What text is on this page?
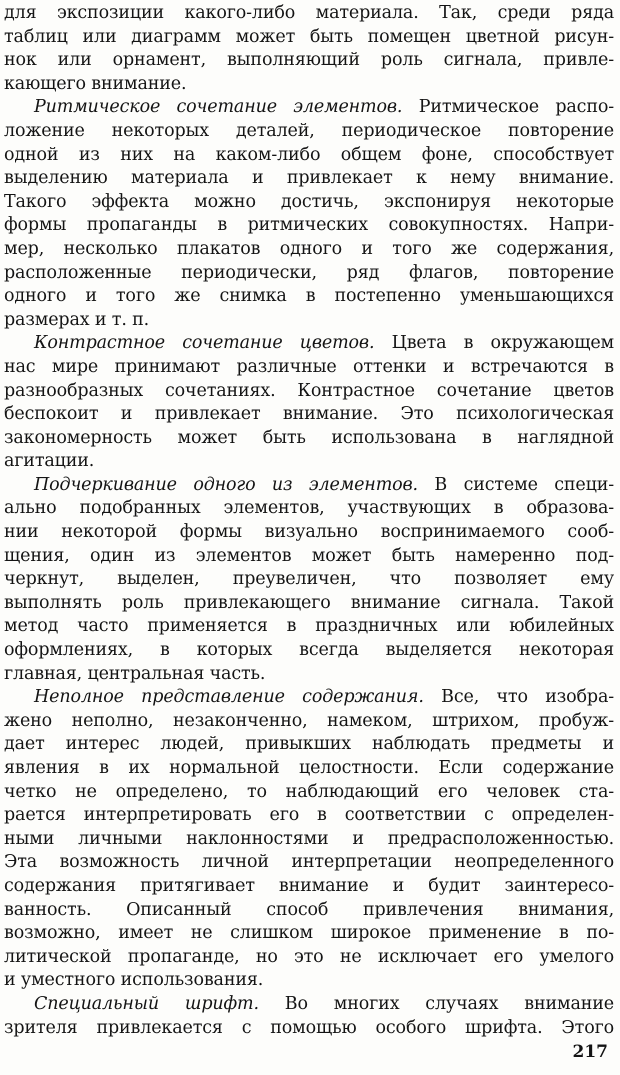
для экспозиции какого-либо материала. Так, среди ряда
таблиц или диаграмм может быть помещен цветной рисун-
нок или орнамент, выполняющий роль сигнала, привле-
кающего внимание.
Ритмическое сочетание элементов. Ритмическое распо-
ложение некоторых деталей, периодическое повторение
одной из них на каком-либо общем фоне, способствует
выделению материала и привлекает к нему внимание.
Такого эффекта можно достичь, экспонируя некоторые
формы пропаганды в ритмических совокупностях. Напри-
мер, несколько плакатов одного и того же содержания,
расположенные периодически, ряд флагов, повторение
одного и того же снимка в постепенно уменьшающихся
размерах и т. п.
Контрастное сочетание цветов. Цвета в окружающем
нас мире принимают различные оттенки и встречаются в
разнообразных сочетаниях. Контрастное сочетание цветов
беспокоит и привлекает внимание. Это психологическая
закономерность может быть использована в наглядной
агитации.
Подчеркивание одного из элементов. В системе специ-
ально подобранных элементов, участвующих в образова-
нии некоторой формы визуально воспринимаемого сооб-
щения, один из элементов может быть намеренно под-
черкнут, выделен, преувеличен, что позволяет ему
выполнять роль привлекающего внимание сигнала. Такой
метод часто применяется в праздничных или юбилейных
оформлениях, в которых всегда выделяется некоторая
главная, центральная часть.
Неполное представление содержания. Все, что изобра-
жено неполно, незаконченно, намеком, штрихом, пробуж-
дает интерес людей, привыкших наблюдать предметы и
явления в их нормальной целостности. Если содержание
четко не определено, то наблюдающий его человек ста-
рается интерпретировать его в соответствии с определен-
ными личными наклонностями и предрасположенностью.
Эта возможность личной интерпретации неопределенного
содержания притягивает внимание и будит заинтересо-
ванность. Описанный способ привлечения внимания,
возможно, имеет не слишком широкое применение в по-
литической пропаганде, но это не исключает его умелого
и уместного использования.
Специальный шрифт. Во многих случаях внимание
зрителя привлекается с помощью особого шрифта. Этого
217
